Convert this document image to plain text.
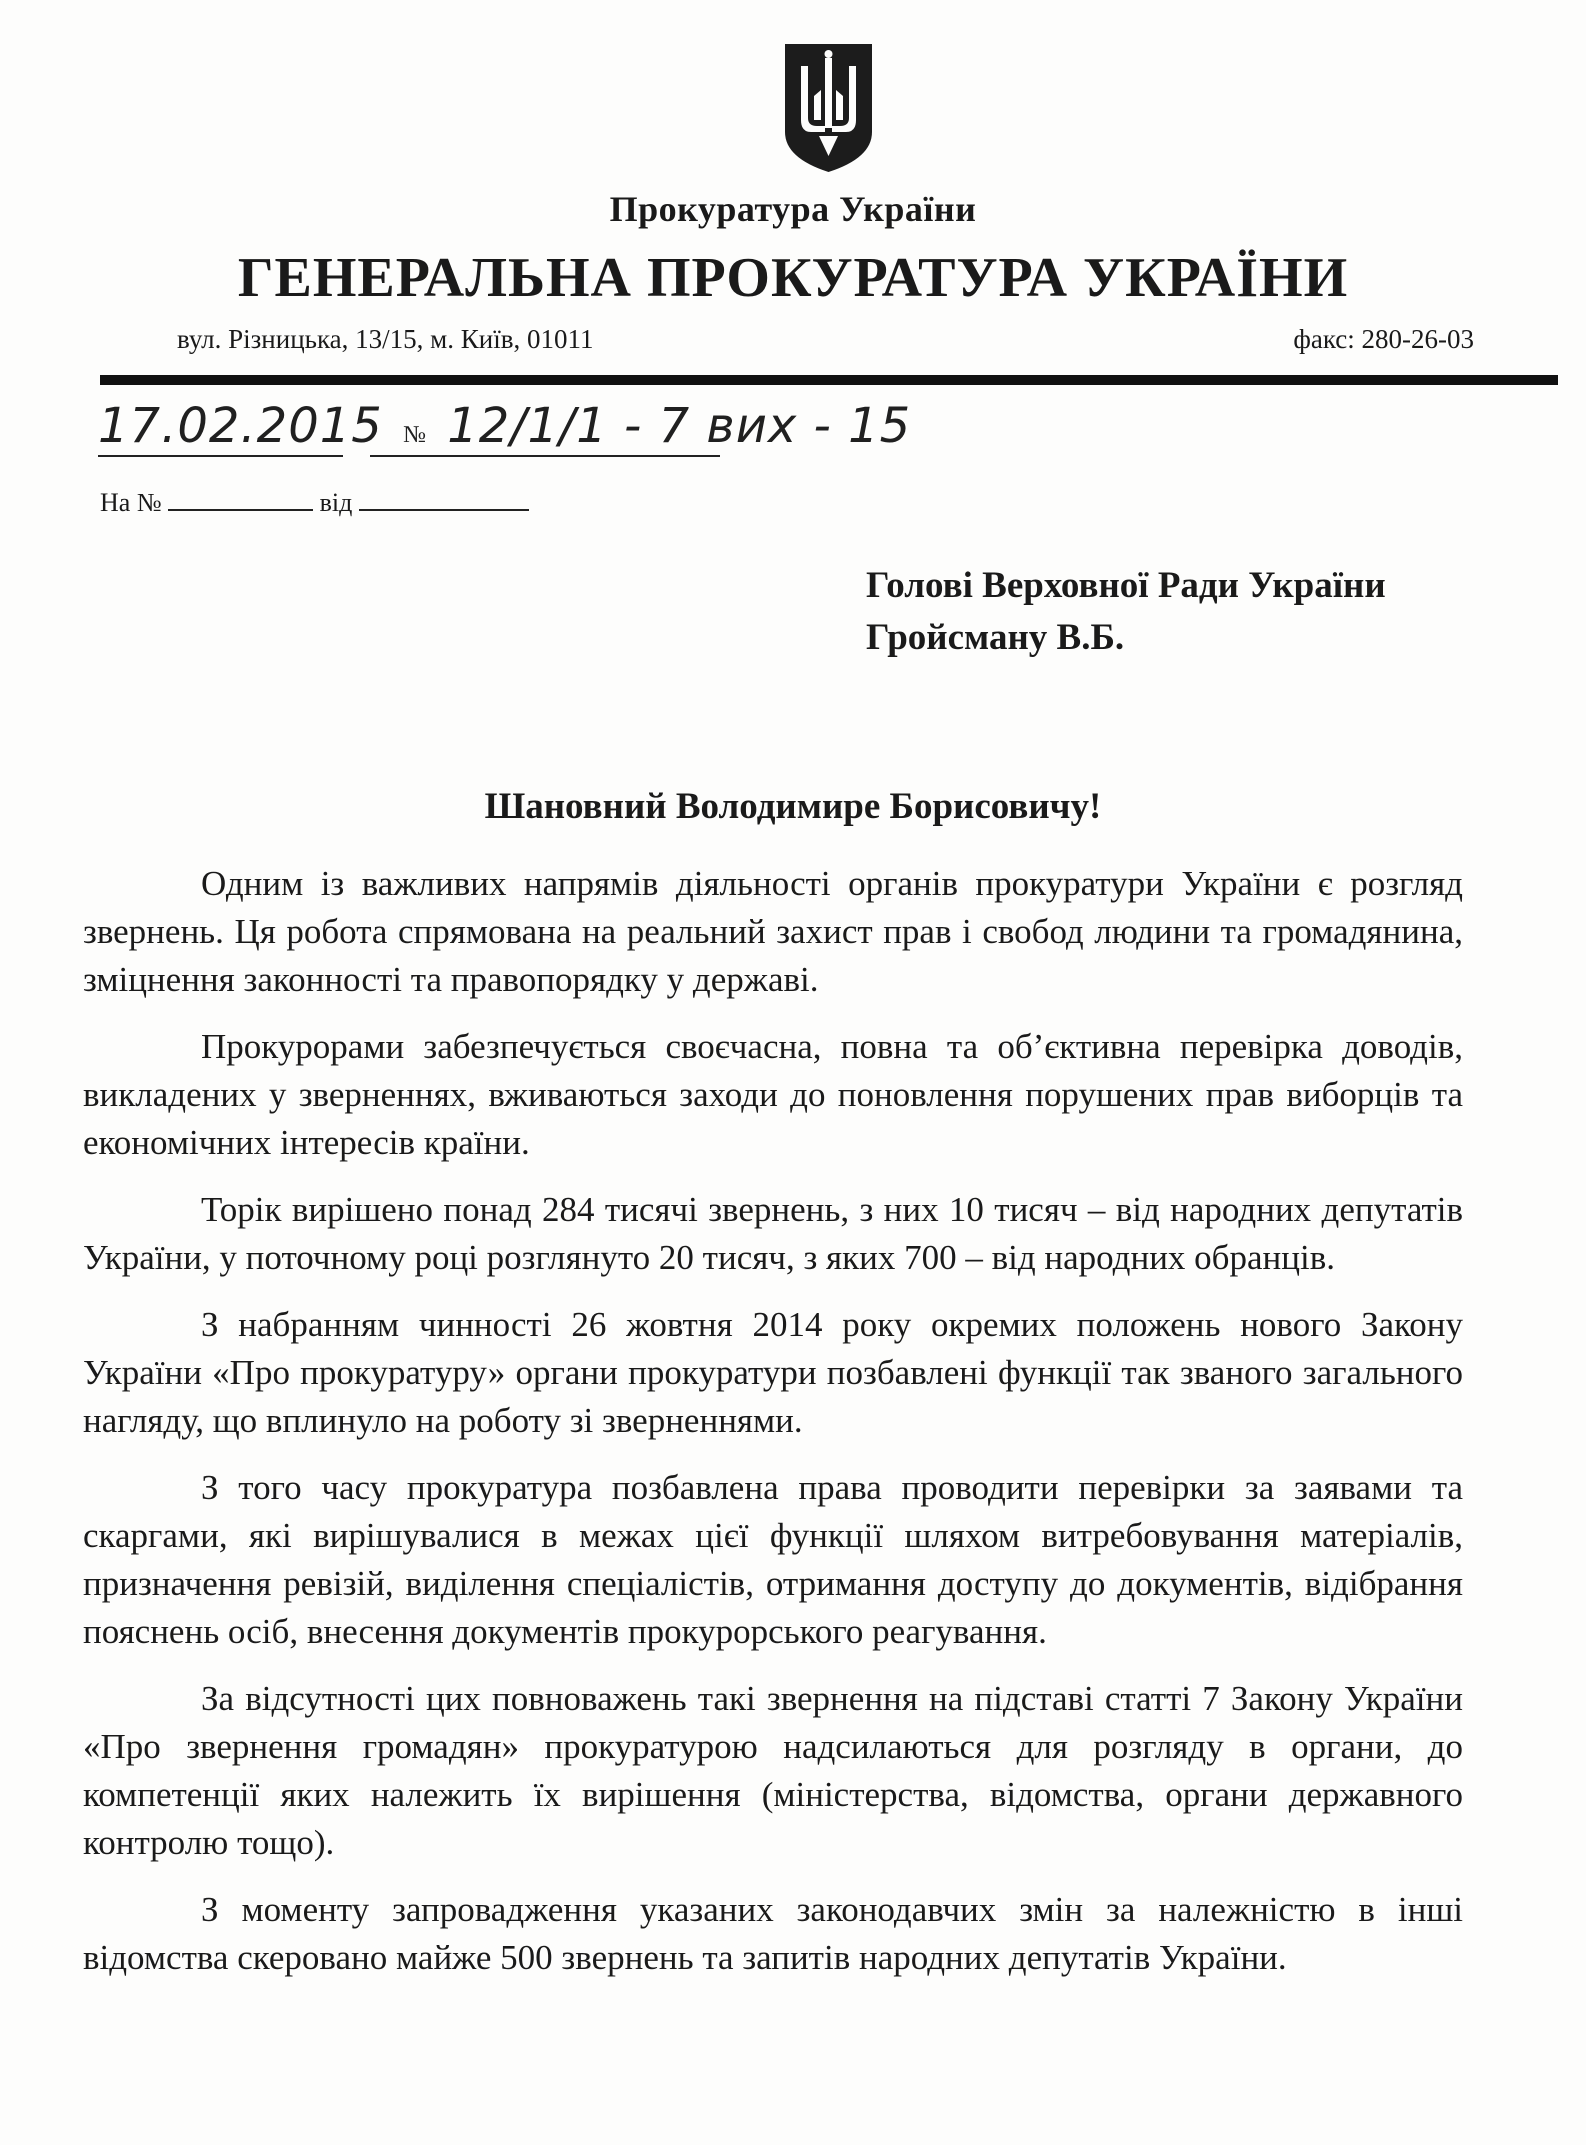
Прокуратура України
ГЕНЕРАЛЬНА ПРОКУРАТУРА УКРАЇНИ
вул. Різницька, 13/15, м. Київ, 01011	факс: 280-26-03
17.02.2015 № 12/1/1 - 7 вих - 15
На №	від
Голові Верховної Ради України
Гройсману В.Б.
Шановний Володимире Борисовичу!

Одним із важливих напрямів діяльності органів прокуратури України є розгляд звернень. Ця робота спрямована на реальний захист прав і свобод людини та громадянина, зміцнення законності та правопорядку у державі.

Прокурорами забезпечується своєчасна, повна та об’єктивна перевірка доводів, викладених у зверненнях, вживаються заходи до поновлення порушених прав виборців та економічних інтересів країни.

Торік вирішено понад 284 тисячі звернень, з них 10 тисяч – від народних депутатів України, у поточному році розглянуто 20 тисяч, з яких 700 – від народних обранців.

З набранням чинності 26 жовтня 2014 року окремих положень нового Закону України «Про прокуратуру» органи прокуратури позбавлені функції так званого загального нагляду, що вплинуло на роботу зі зверненнями.

З того часу прокуратура позбавлена права проводити перевірки за заявами та скаргами, які вирішувалися в межах цієї функції шляхом витребовування матеріалів, призначення ревізій, виділення спеціалістів, отримання доступу до документів, відібрання пояснень осіб, внесення документів прокурорського реагування.

За відсутності цих повноважень такі звернення на підставі статті 7 Закону України «Про звернення громадян» прокуратурою надсилаються для розгляду в органи, до компетенції яких належить їх вирішення (міністерства, відомства, органи державного контролю тощо).

З моменту запровадження указаних законодавчих змін за належністю в інші відомства скеровано майже 500 звернень та запитів народних депутатів України.
